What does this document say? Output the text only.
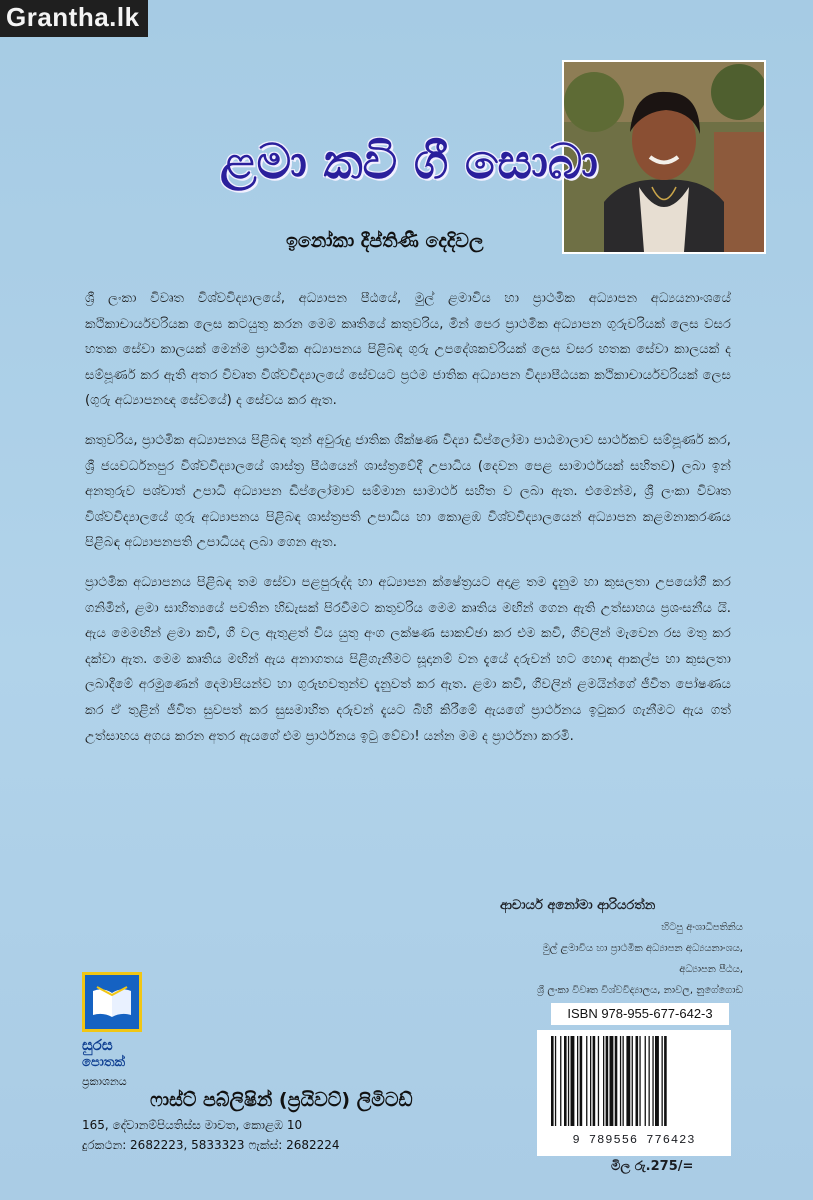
Grantha.lk
ළමා කවි ගී සොබා
ඉනෝකා දීප්තිණී දෙදිවල

ශ්‍රී ලංකා විවෘත විශ්වවිද්‍යාලයේ, අධ්‍යාපන පීඨයේ, මුල් ළමාවිය හා ප්‍රාථමික අධ්‍යාපන අධ්‍යයනාංශයේ කථිකාචාර්යවරියක ලෙස කටයුතු කරන මෙම කෘතියේ කතුවරිය, මින් පෙර ප්‍රාථමික අධ්‍යාපන ගුරුවරියක් ලෙස වසර හතක සේවා කාලයක් මෙන්ම ප්‍රාථමික අධ්‍යාපනය පිළිබඳ ගුරු උපදේශකවරියක් ලෙස වසර හතක සේවා කාලයක් ද සම්පූර්ණ කර ඇති අතර විවෘත විශ්වවිද්‍යාලයේ සේවයට ප්‍රථම ජාතික අධ්‍යාපන විද්‍යාපීඨයක කථිකාචාර්යවරියක් ලෙස (ගුරු අධ්‍යාපනඥ සේවයේ) ද සේවය කර ඇත.

කතුවරිය, ප්‍රාථමික අධ්‍යාපනය පිළිබඳ තුන් අවුරුදු ජාතික ශික්ෂණ විද්‍යා ඩිප්ලෝමා පාඨමාලාව සාර්ථකව සම්පූර්ණ කර, ශ්‍රී ජයවර්ධනපුර විශ්වවිද්‍යාලයේ ශාස්ත්‍ර පීඨයෙන් ශාස්ත්‍රවේදී උපාධිය (දෙවන පෙළ සාමාර්ථයක් සහිතව) ලබා ඉන් අනතුරුව පශ්චාත් උපාධි අධ්‍යාපන ඩිප්ලෝමාව සම්මාන සාමාර්ථ සහිත ව ලබා ඇත. එමෙන්ම, ශ්‍රී ලංකා විවෘත විශ්වවිද්‍යාලයේ ගුරු අධ්‍යාපනය පිළිබඳ ශාස්ත්‍රපති උපාධිය හා කොළඹ විශ්වවිද්‍යාලයෙන් අධ්‍යාපන කළමනාකරණය පිළිබඳ අධ්‍යාපනපති උපාධියද ලබා ගෙන ඇත.

ප්‍රාථමික අධ්‍යාපනය පිළිබඳ තම සේවා පළපුරුද්ද හා අධ්‍යාපන ක්ෂේත්‍රයට අදාළ තම දැනුම හා කුසලතා උපයෝගී කර ගනිමින්, ළමා සාහිත්‍යයේ පවතින හිඩැසක් පිරවීමට කතුවරිය මෙම කෘතිය මඟින් ගෙන ඇති උත්සාහය ප්‍රශංසනීය යි. ඇය මෙමඟින් ළමා කවි, ගී වල ඇතුළත් විය යුතු අංග ලක්ෂණ සාකච්ඡා කර එම කවි, ගීවලින් මැවෙන රස මතු කර දක්වා ඇත. මෙම කෘතිය මඟින් ඇය අනාගතය පිළිගැනීමට සූදානම් වන දැයේ දරුවන් හට හොඳ ආකල්ප හා කුසලතා ලබාදීමේ අරමුණෙන් දෙමාපියන්ව හා ගුරුභවතුන්ව දැනුවත් කර ඇත. ළමා කවි, ගීවලින් ළමයින්ගේ ජීවිත පෝෂණය කර ඒ තුළින් ජීවිත සුවපත් කර සුසමාහිත දරුවන් දැයට බිහි කිරීමේ ඇයගේ ප්‍රාර්ථනය ඉටුකර ගැනීමට ඇය ගත් උත්සාහය අගය කරන අතර ඇයගේ එම ප්‍රාර්ථනය ඉටු වේවා! යන්න මම ද ප්‍රාර්ථනා කරමි.

ආචාර්ය අනෝමා ආරියරත්න
හිටපු අංශාධිපතිනිය
මුල් ළමාවිය හා ප්‍රාථමික අධ්‍යාපන අධ්‍යයනාංශය,
අධ්‍යාපන පීඨය,
ශ්‍රී ලංකා විවෘත විශ්වවිද්‍යාලය, නාවල, නුගේගොඩ
සුරස
පොතක්
ප්‍රකාශනය
ෆාස්ට් පබ්ලිෂින් (ප්‍රයිවට්) ලිමිටඩ්
165, දේවානම්පියතිස්ස මාවත, කොළඹ 10
දුරකථන: 2682223, 5833323 ෆැක්ස්: 2682224
ISBN 978-955-677-642-3
9 789556 776423
මිල රු.275/=
